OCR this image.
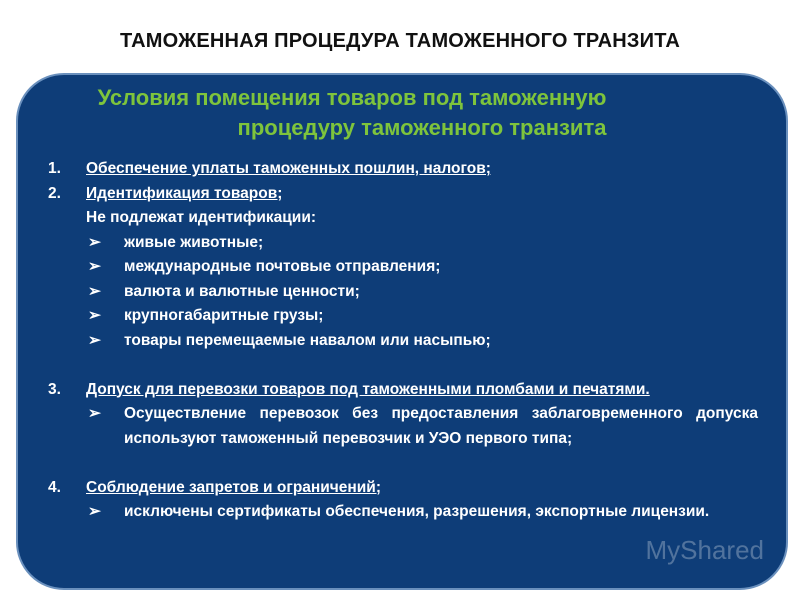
ТАМОЖЕННАЯ ПРОЦЕДУРА ТАМОЖЕННОГО ТРАНЗИТА
Условия помещения товаров под таможенную
процедуру таможенного транзита
1. Обеспечение уплаты таможенных пошлин, налогов;
2. Идентификация товаров;
Не подлежат идентификации:
➢	живые животные;
➢	международные почтовые отправления;
➢	валюта и валютные ценности;
➢	крупногабаритные грузы;
➢	товары перемещаемые навалом или насыпью;
3.	Допуск для перевозки товаров под таможенными пломбами и печатями.
➢	Осуществление перевозок без предоставления заблаговременного допуска используют таможенный перевозчик и УЭО первого типа;
4. Соблюдение запретов и ограничений;
➢	исключены сертификаты обеспечения, разрешения, экспортные лицензии.
MyShared
